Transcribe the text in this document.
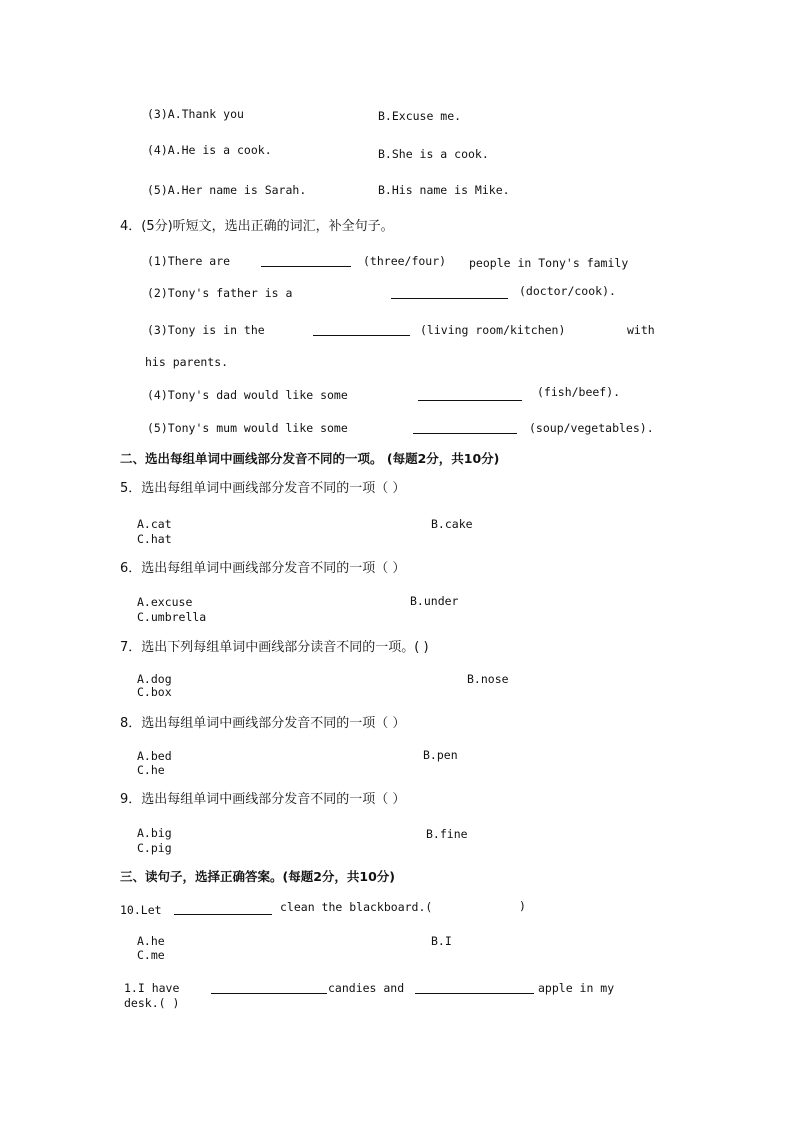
(3)A.Thank you	B.Excuse me.
(4)A.He is a cook.	B.She is a cook.
(5)A.Her name is Sarah.	B.His name is Mike.
4．(5分)听短文，选出正确的词汇，补全句子。
(1)There are	(three/four) people in Tony's family
(2)Tony's father is a	(doctor/cook).
(3)Tony is in the	(living room/kitchen)	with
his parents.
(4)Tony's dad would like some	(fish/beef).
(5)Tony's mum would like some	(soup/vegetables).
二、选出每组单词中画线部分发音不同的一项。 (每题2分，共10分)
5．选出每组单词中画线部分发音不同的一项（ ）
A.cat	B.cake
C.hat
6．选出每组单词中画线部分发音不同的一项（ ）
A.excuse	B.under
C.umbrella
7．选出下列每组单词中画线部分读音不同的一项。( )
A.dog	B.nose
C.box
8．选出每组单词中画线部分发音不同的一项（ ）
A.bed	B.pen
C.he
9．选出每组单词中画线部分发音不同的一项（ ）
A.big	B.fine
C.pig
三、读句子，选择正确答案。(每题2分，共10分)
10.Let	clean the blackboard.(	)
A.he	B.I
C.me
1.I have	candies and	apple in my
desk.( )
